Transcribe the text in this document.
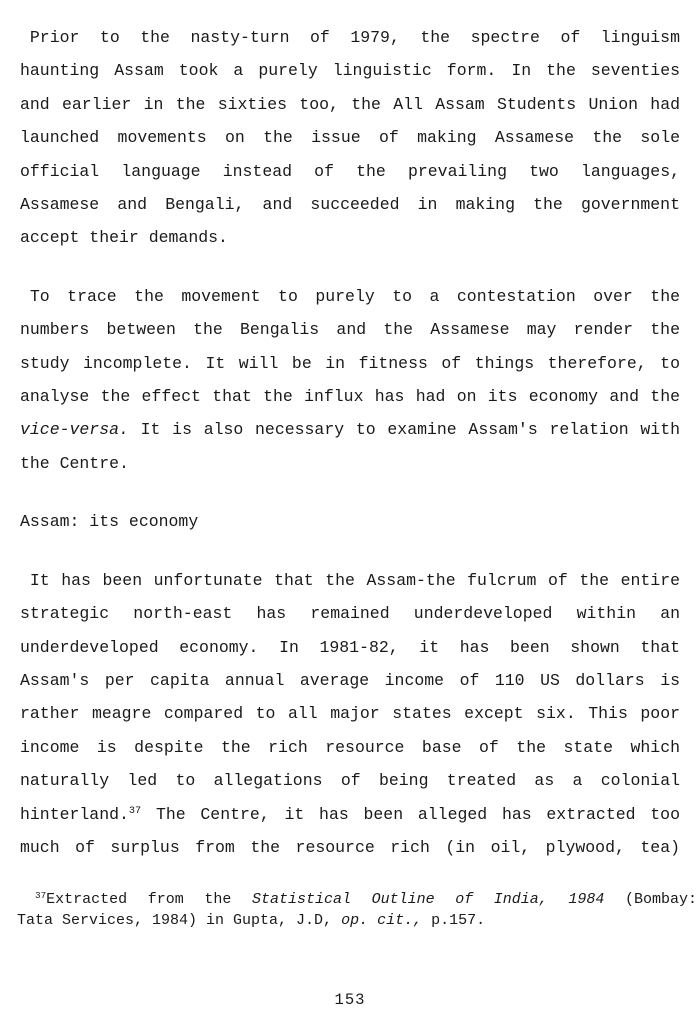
Prior to the nasty-turn of 1979, the spectre of linguism
haunting Assam took a purely linguistic form. In the seventies
and earlier in the sixties too, the All Assam Students Union had
launched movements on the issue of making Assamese the sole
official language instead of the prevailing two languages,
Assamese and Bengali, and succeeded in making the government
accept their demands.
To trace the movement to purely to a contestation over the
numbers between the Bengalis and the Assamese may render the
study incomplete. It will be in fitness of things therefore, to
analyse the effect that the influx has had on its economy and the
vice-versa. It is also necessary to examine Assam's relation with
the Centre.
Assam: its economy
It has been unfortunate that the Assam-the fulcrum of the entire
strategic north-east has remained underdeveloped within an
underdeveloped economy. In 1981-82, it has been shown that
Assam's per capita annual average income of 110 US dollars is
rather meagre compared to all major states except six. This poor
income is despite the rich resource base of the state which
naturally led to allegations of being treated as a colonial
hinterland.$^{37}$ The Centre, it has been alleged has extracted too
much of surplus from the resource rich (in oil, plywood, tea)
$^{37}$Extracted from the Statistical Outline of India, 1984 (Bombay:
Tata Services, 1984) in Gupta, J.D, op. cit., p.157.
153
